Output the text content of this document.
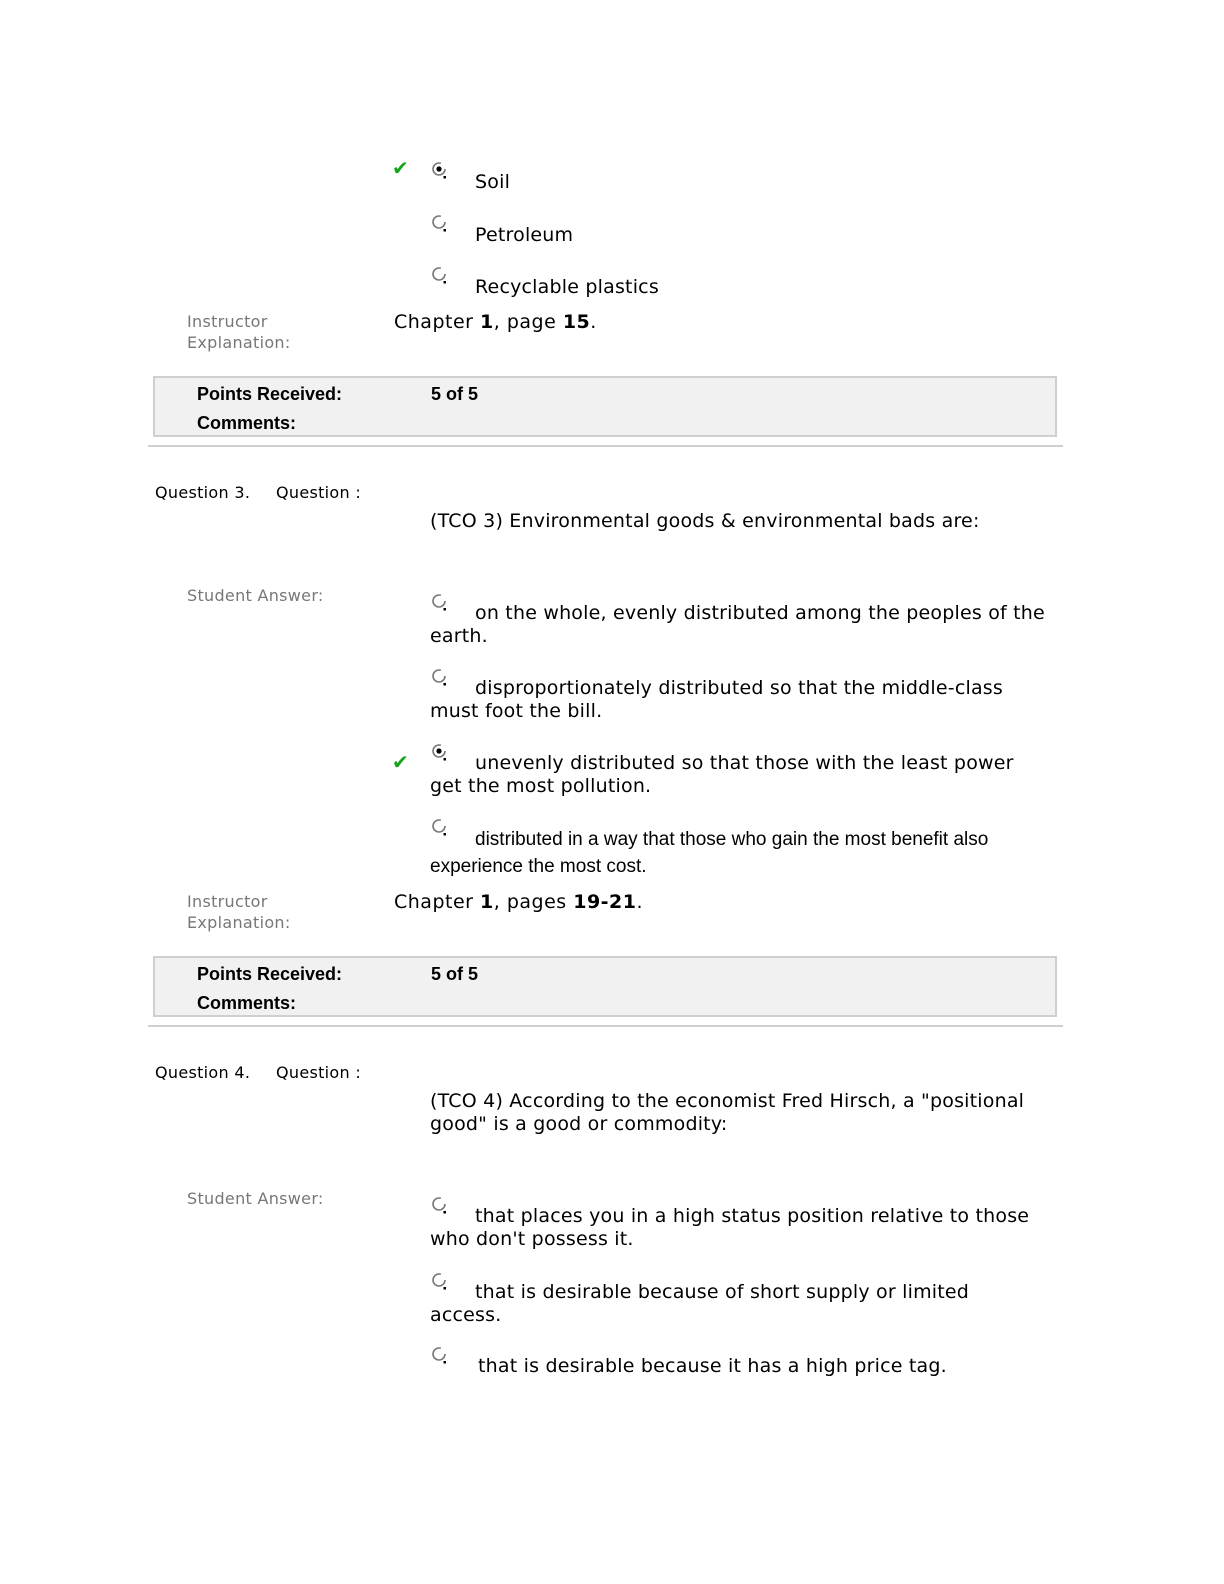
✔
Soil
Petroleum
Recyclable plastics
Instructor
Explanation:
Chapter 1, page 15.
Points Received:	5 of 5
Comments:
Question 3. Question :
(TCO 3) Environmental goods & environmental bads are:
Student Answer:
on the whole, evenly distributed among the peoples of the
earth.
disproportionately distributed so that the middle-class
must foot the bill.
✔	unevenly distributed so that those with the least power
get the most pollution.
distributed in a way that those who gain the most benefit also
experience the most cost.
Instructor
Explanation:
Chapter 1, pages 19-21.
Points Received:	5 of 5
Comments:
Question 4. Question :
(TCO 4) According to the economist Fred Hirsch, a "positional
good" is a good or commodity:
Student Answer:
that places you in a high status position relative to those
who don't possess it.
that is desirable because of short supply or limited
access.
that is desirable because it has a high price tag.
